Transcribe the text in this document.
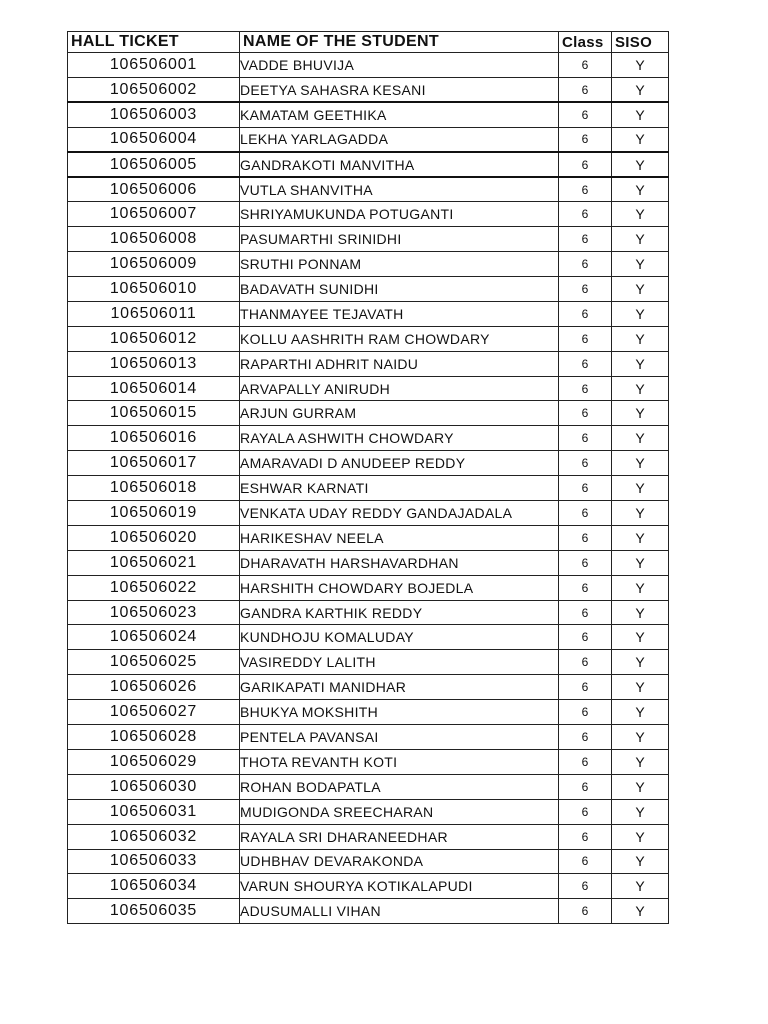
HALL TICKET	NAME OF THE STUDENT	Class	SISO
106506001	VADDE BHUVIJA	6	Y
106506002	DEETYA SAHASRA KESANI	6	Y
106506003	KAMATAM GEETHIKA	6	Y
106506004	LEKHA YARLAGADDA	6	Y
106506005	GANDRAKOTI MANVITHA	6	Y
106506006	VUTLA SHANVITHA	6	Y
106506007	SHRIYAMUKUNDA POTUGANTI	6	Y
106506008	PASUMARTHI SRINIDHI	6	Y
106506009	SRUTHI PONNAM	6	Y
106506010	BADAVATH SUNIDHI	6	Y
106506011	THANMAYEE TEJAVATH	6	Y
106506012	KOLLU AASHRITH RAM CHOWDARY	6	Y
106506013	RAPARTHI ADHRIT NAIDU	6	Y
106506014	ARVAPALLY ANIRUDH	6	Y
106506015	ARJUN GURRAM	6	Y
106506016	RAYALA ASHWITH CHOWDARY	6	Y
106506017	AMARAVADI D ANUDEEP REDDY	6	Y
106506018	ESHWAR KARNATI	6	Y
106506019	VENKATA UDAY REDDY GANDAJADALA	6	Y
106506020	HARIKESHAV NEELA	6	Y
106506021	DHARAVATH HARSHAVARDHAN	6	Y
106506022	HARSHITH CHOWDARY BOJEDLA	6	Y
106506023	GANDRA KARTHIK REDDY	6	Y
106506024	KUNDHOJU KOMALUDAY	6	Y
106506025	VASIREDDY LALITH	6	Y
106506026	GARIKAPATI MANIDHAR	6	Y
106506027	BHUKYA MOKSHITH	6	Y
106506028	PENTELA PAVANSAI	6	Y
106506029	THOTA REVANTH KOTI	6	Y
106506030	ROHAN BODAPATLA	6	Y
106506031	MUDIGONDA SREECHARAN	6	Y
106506032	RAYALA SRI DHARANEEDHAR	6	Y
106506033	UDHBHAV DEVARAKONDA	6	Y
106506034	VARUN SHOURYA KOTIKALAPUDI	6	Y
106506035	ADUSUMALLI VIHAN	6	Y
